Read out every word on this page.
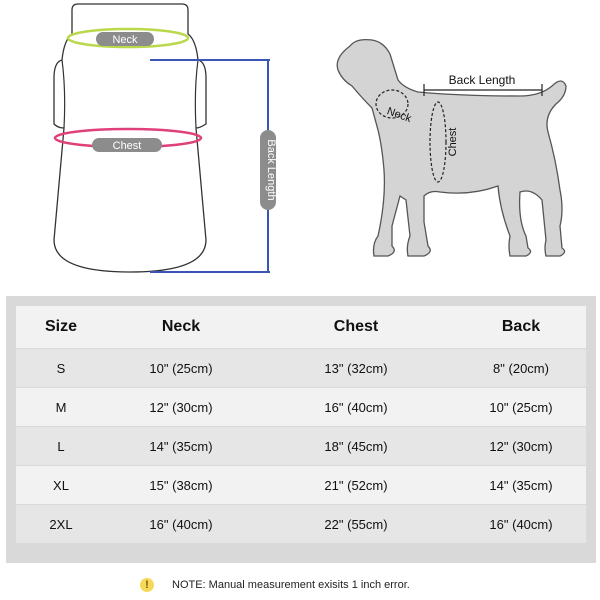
Neck
Chest	Back Length
Back Length
Neck
Chest
Size	Neck	Chest	Back
S	10" (25cm)	13" (32cm)	8" (20cm)
M	12" (30cm)	16" (40cm)	10" (25cm)
L	14" (35cm)	18" (45cm)	12" (30cm)
XL	15" (38cm)	21" (52cm)	14" (35cm)
2XL	16" (40cm)	22" (55cm)	16" (40cm)
!	NOTE: Manual measurement exisits 1 inch error.
